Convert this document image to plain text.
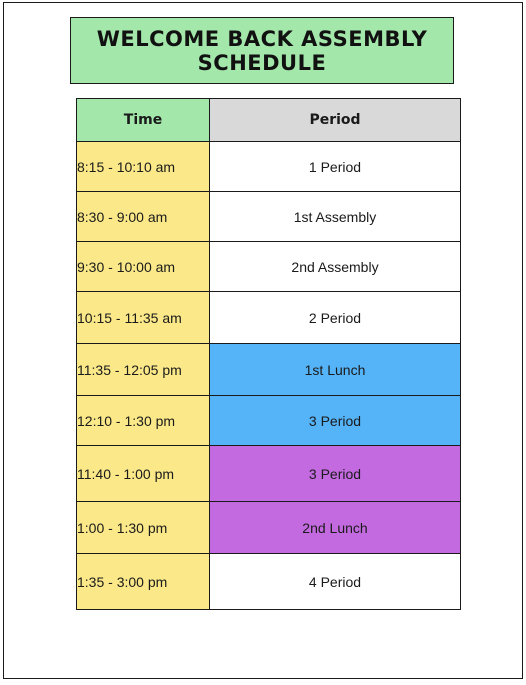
WELCOME BACK ASSEMBLY
SCHEDULE
Time	Period
8:15 - 10:10 am	1 Period
8:30 - 9:00 am	1st Assembly
9:30 - 10:00 am	2nd Assembly
10:15 - 11:35 am	2 Period
11:35 - 12:05 pm	1st Lunch
12:10 - 1:30 pm	3 Period
11:40 - 1:00 pm	3 Period
1:00 - 1:30 pm	2nd Lunch
1:35 - 3:00 pm	4 Period
